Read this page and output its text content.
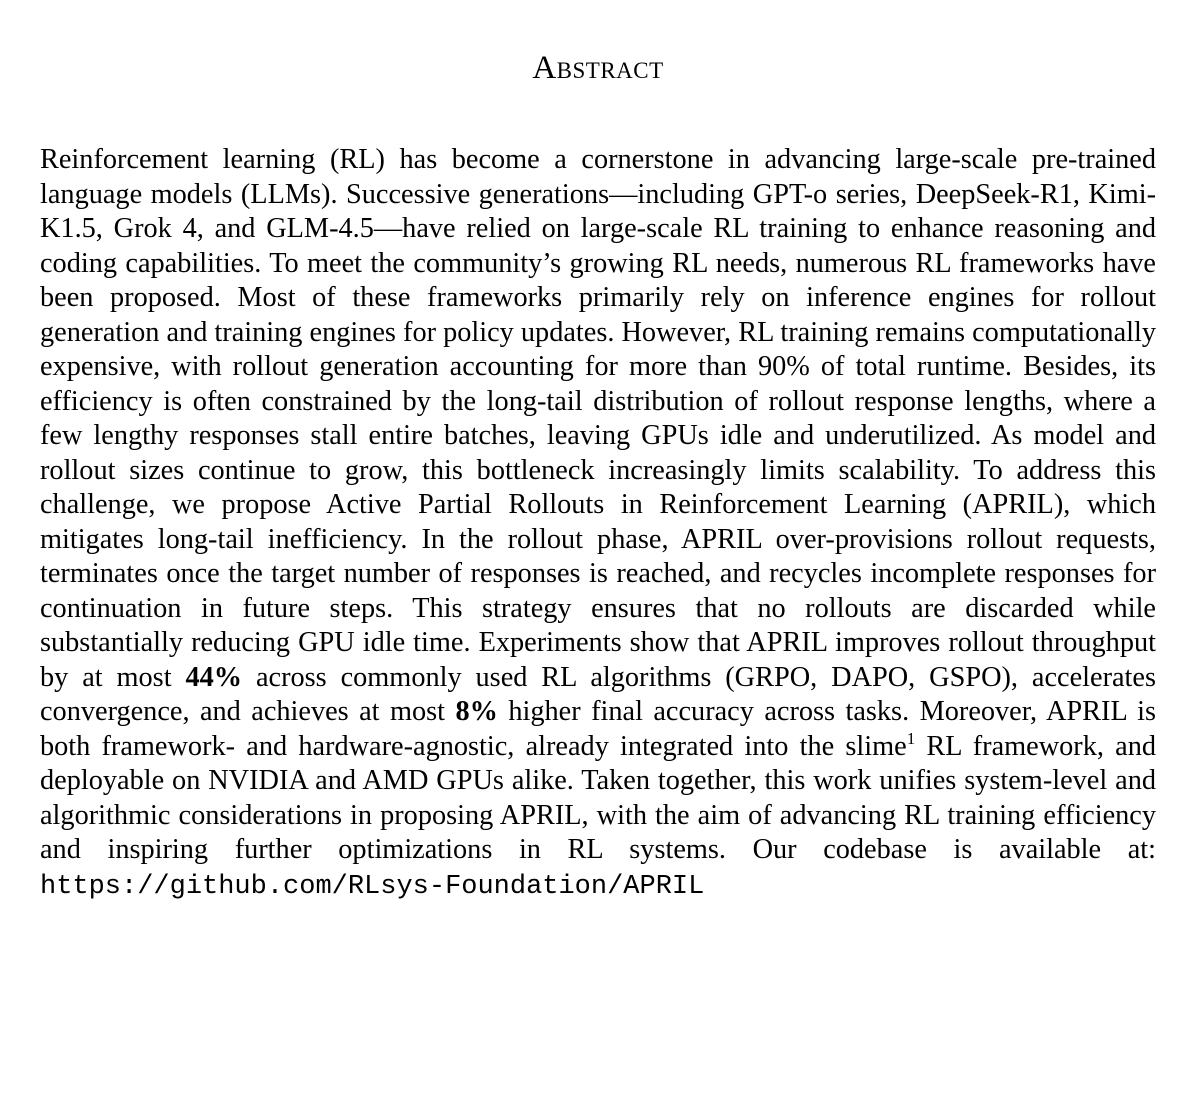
Abstract
Reinforcement learning (RL) has become a cornerstone in advancing large-scale pre-trained language models (LLMs). Successive generations—including GPT-o series, DeepSeek-R1, Kimi-K1.5, Grok 4, and GLM-4.5—have relied on large-scale RL training to enhance reasoning and coding capabilities. To meet the community’s growing RL needs, numerous RL frameworks have been proposed. Most of these frameworks primarily rely on inference engines for rollout generation and training engines for policy updates. However, RL training remains computationally expensive, with rollout generation accounting for more than 90% of total runtime. Besides, its efficiency is often constrained by the long-tail distribution of rollout response lengths, where a few lengthy responses stall entire batches, leaving GPUs idle and underutilized. As model and rollout sizes continue to grow, this bottleneck increasingly limits scalability. To address this challenge, we propose Active Partial Rollouts in Reinforcement Learning (APRIL), which mitigates long-tail inefficiency. In the rollout phase, APRIL over-provisions rollout requests, terminates once the target number of responses is reached, and recycles incomplete responses for continuation in future steps. This strategy ensures that no rollouts are discarded while substantially reducing GPU idle time. Experiments show that APRIL improves rollout throughput by at most 44% across commonly used RL algorithms (GRPO, DAPO, GSPO), accelerates convergence, and achieves at most 8% higher final accuracy across tasks. Moreover, APRIL is both framework- and hardware-agnostic, already integrated into the slime$^1$ RL framework, and deployable on NVIDIA and AMD GPUs alike. Taken together, this work unifies system-level and algorithmic considerations in proposing APRIL, with the aim of advancing RL training efficiency and inspiring further optimizations in RL systems. Our codebase is available at: https://github.com/RLsys-Foundation/APRIL
